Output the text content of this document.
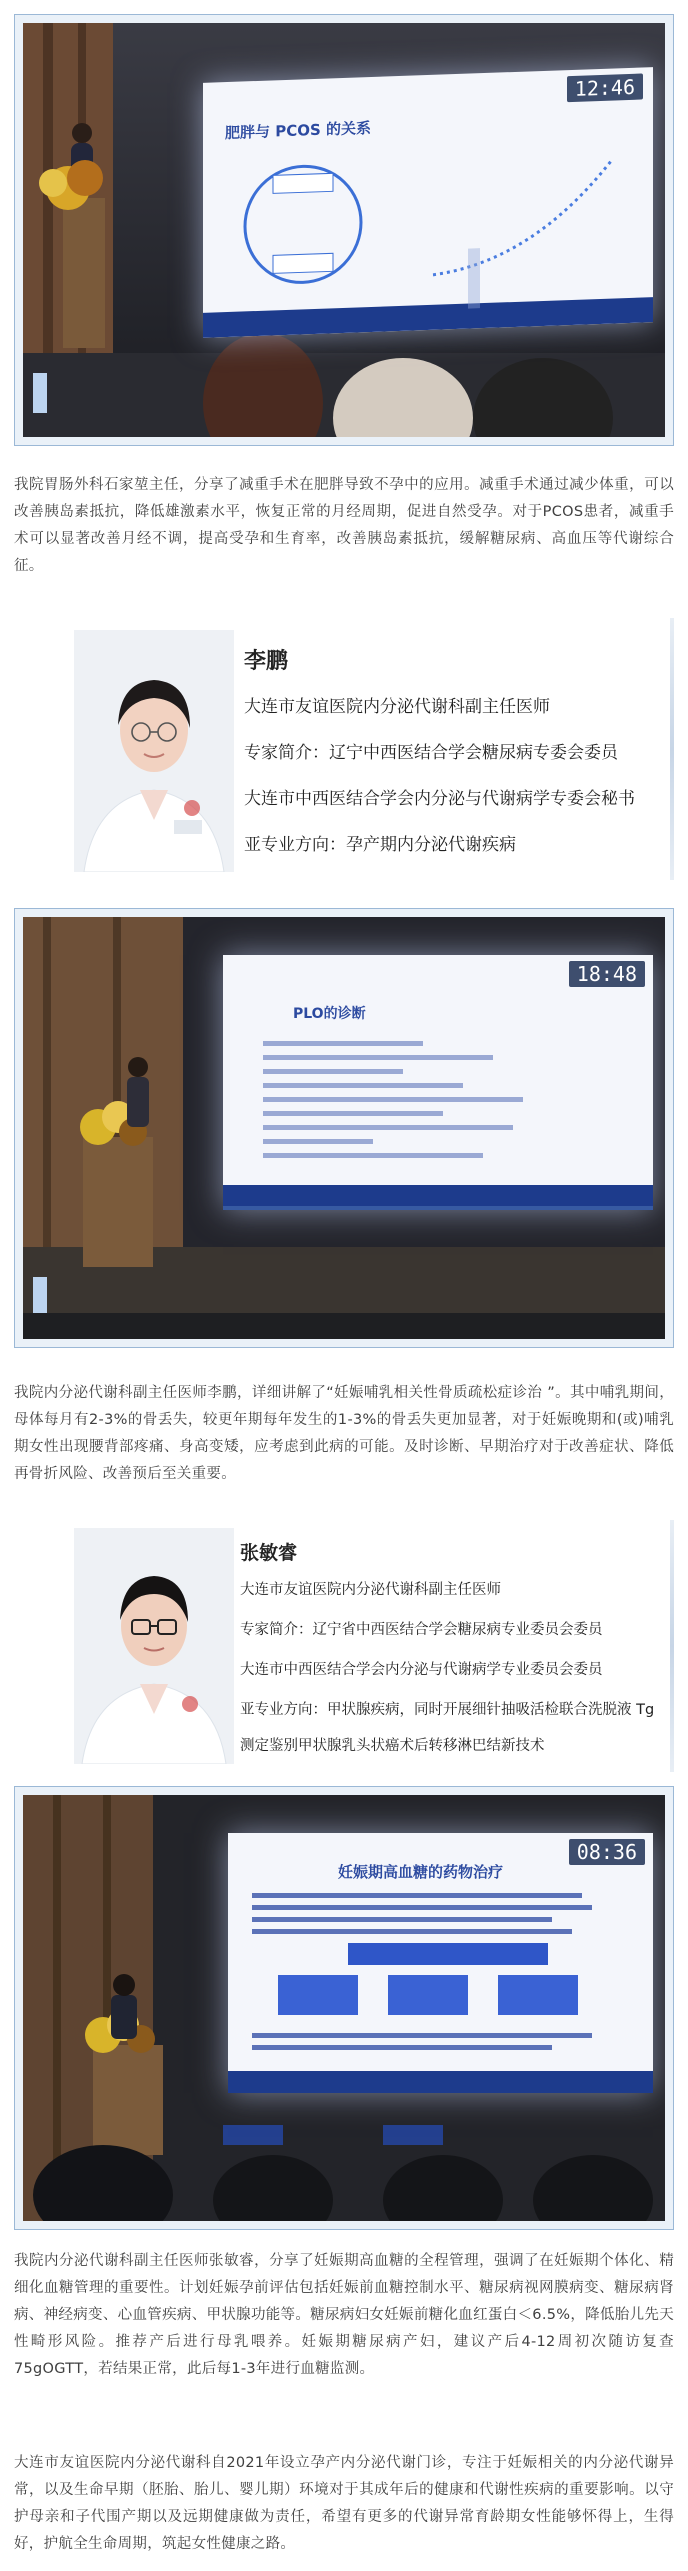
12:46
肥胖与 PCOS 的关系
我院胃肠外科石家堃主任，分享了减重手术在肥胖导致不孕中的应用。减重手术通过减少体重，可以改善胰岛素抵抗，降低雄激素水平，恢复正常的月经周期，促进自然受孕。对于PCOS患者，减重手术可以显著改善月经不调，提高受孕和生育率，改善胰岛素抵抗，缓解糖尿病、高血压等代谢综合征。
李鹏
大连市友谊医院内分泌代谢科副主任医师
专家简介：辽宁中西医结合学会糖尿病专委会委员
大连市中西医结合学会内分泌与代谢病学专委会秘书
亚专业方向：孕产期内分泌代谢疾病
18:48
PLO的诊断
我院内分泌代谢科副主任医师李鹏，详细讲解了“妊娠哺乳相关性骨质疏松症诊治 ”。其中哺乳期间，母体每月有2-3%的骨丢失，较更年期每年发生的1-3%的骨丢失更加显著，对于妊娠晚期和(或)哺乳期女性出现腰背部疼痛、身高变矮，应考虑到此病的可能。及时诊断、早期治疗对于改善症状、降低再骨折风险、改善预后至关重要。
张敏睿
大连市友谊医院内分泌代谢科副主任医师
专家简介：辽宁省中西医结合学会糖尿病专业委员会委员
大连市中西医结合学会内分泌与代谢病学专业委员会委员
亚专业方向：甲状腺疾病，同时开展细针抽吸活检联合洗脱液 Tg
测定鉴别甲状腺乳头状癌术后转移淋巴结新技术
08:36
妊娠期高血糖的药物治疗
我院内分泌代谢科副主任医师张敏睿，分享了妊娠期高血糖的全程管理，强调了在妊娠期个体化、精细化血糖管理的重要性。计划妊娠孕前评估包括妊娠前血糖控制水平、糖尿病视网膜病变、糖尿病肾病、神经病变、心血管疾病、甲状腺功能等。糖尿病妇女妊娠前糖化血红蛋白＜6.5%，降低胎儿先天性畸形风险。推荐产后进行母乳喂养。妊娠期糖尿病产妇，建议产后4-12周初次随访复查75gOGTT，若结果正常，此后每1-3年进行血糖监测。
大连市友谊医院内分泌代谢科自2021年设立孕产内分泌代谢门诊，专注于妊娠相关的内分泌代谢异常，以及生命早期（胚胎、胎儿、婴儿期）环境对于其成年后的健康和代谢性疾病的重要影响。以守护母亲和子代围产期以及远期健康做为责任，希望有更多的代谢异常育龄期女性能够怀得上，生得好，护航全生命周期，筑起女性健康之路。
